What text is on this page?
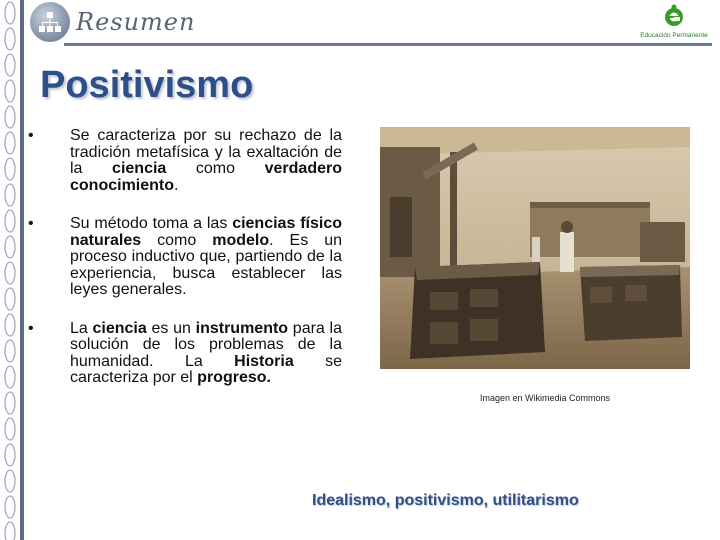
Resumen	Educación Permanente
Positivismo
• Se caracteriza por su rechazo de la tradición metafísica y la exaltación de la ciencia como verdadero conocimiento.
• Su método toma a las ciencias físico naturales como modelo. Es un proceso inductivo que, partiendo de la experiencia, busca establecer las leyes generales.
• La ciencia es un instrumento para la solución de los problemas de la humanidad. La Historia se caracteriza por el progreso.
Imagen en Wikimedia Commons
Idealismo, positivismo, utilitarismo
